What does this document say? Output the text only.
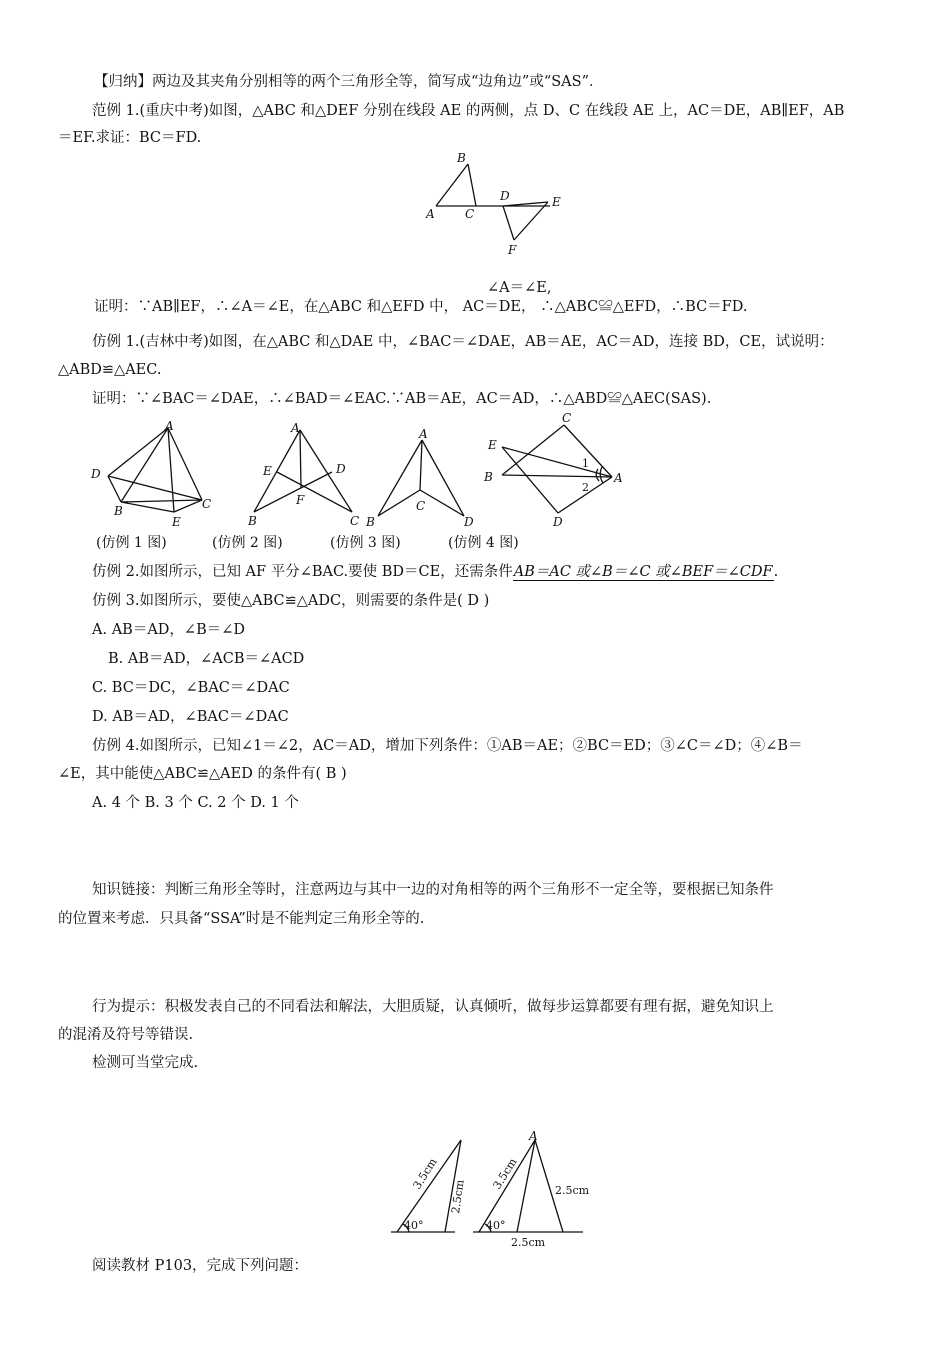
【归纳】两边及其夹角分别相等的两个三角形全等，简写成“边角边”或“SAS”．
范例 1.(重庆中考)如图，△ABC 和△DEF 分别在线段 AE 的两侧，点 D、C 在线段 AE 上，AC＝DE，AB∥EF，AB
＝EF.求证：BC＝FD.
B
A	C
D	E
F
∠A＝∠E,
证明：∵AB∥EF，∴∠A＝∠E，在△ABC 和△EFD 中， AC＝DE， ∴△ABC≌△EFD，∴BC＝FD.
仿例 1.(吉林中考)如图，在△ABC 和△DAE 中，∠BAC＝∠DAE，AB＝AE，AC＝AD，连接 BD，CE，试说明：
△ABD≌△AEC.
证明：∵∠BAC＝∠DAE，∴∠BAD＝∠EAC.∵AB＝AE，AC＝AD，∴△ABD≌△AEC(SAS).
A
D
B
E
C
A
E	D
F
B	C
A
C
B	D
C
E
B
1
2
A
D
(仿例 1 图)	(仿例 2 图)	(仿例 3 图)	(仿例 4 图)
仿例 2.如图所示，已知 AF 平分∠BAC.要使 BD＝CE，还需条件AB＝AC 或∠B＝∠C 或∠BEF＝∠CDF.
仿例 3.如图所示，要使△ABC≌△ADC，则需要的条件是( D )
A. AB＝AD，∠B＝∠D
B. AB＝AD，∠ACB＝∠ACD
C. BC＝DC，∠BAC＝∠DAC
D. AB＝AD，∠BAC＝∠DAC
仿例 4.如图所示，已知∠1＝∠2，AC＝AD，增加下列条件：①AB＝AE；②BC＝ED；③∠C＝∠D；④∠B＝
∠E，其中能使△ABC≌△AED 的条件有( B )
A. 4 个 B. 3 个 C. 2 个 D. 1 个
知识链接：判断三角形全等时，注意两边与其中一边的对角相等的两个三角形不一定全等，要根据已知条件
的位置来考虑．只具备“SSA”时是不能判定三角形全等的.
行为提示：积极发表自己的不同看法和解法，大胆质疑，认真倾听，做每步运算都要有理有据，避免知识上
的混淆及符号等错误.
检测可当堂完成.
3.5cm
2.5cm
40°
A
3.5cm	2.5cm
40°
2.5cm
阅读教材 P103，完成下列问题：
